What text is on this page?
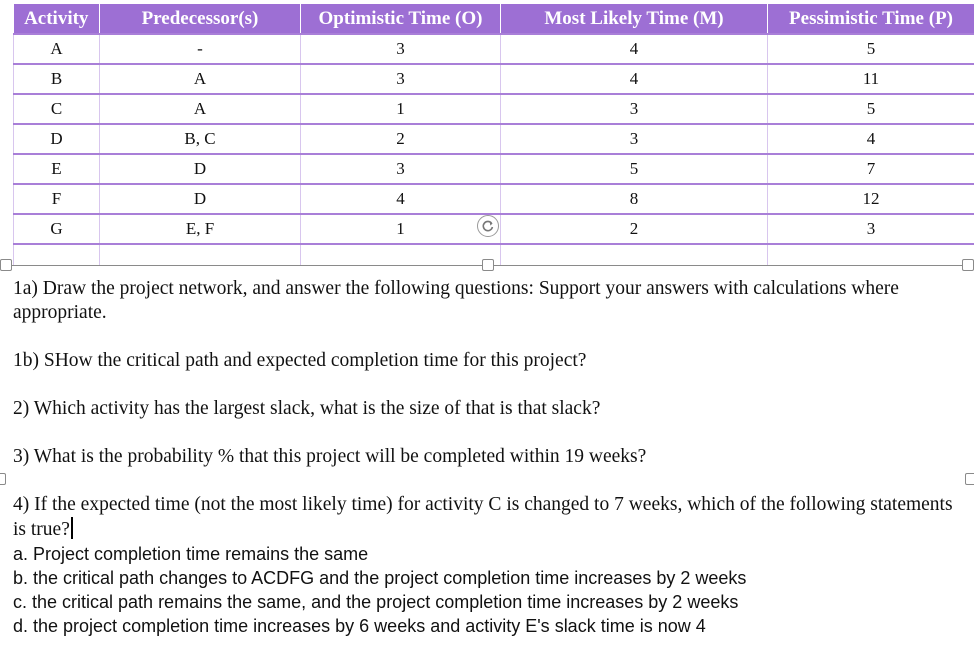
Activity	Predecessor(s)	Optimistic Time (O)	Most Likely Time (M)	Pessimistic Time (P)
A	-	3	4	5
B	A	3	4	11
C	A	1	3	5
D	B, C	2	3	4
E	D	3	5	7
F	D	4	8	12
G	E, F	1	2	3

1a) Draw the project network, and answer the following questions: Support your answers with calculations where appropriate.

1b) SHow the critical path and expected completion time for this project?

2) Which activity has the largest slack, what is the size of that is that slack?

3) What is the probability % that this project will be completed within 19 weeks?

4) If the expected time (not the most likely time) for activity C is changed to 7 weeks, which of the following statements is true?

a. Project completion time remains the same

b. the critical path changes to ACDFG and the project completion time increases by 2 weeks

c. the critical path remains the same, and the project completion time increases by 2 weeks

d. the project completion time increases by 6 weeks and activity E's slack time is now 4
